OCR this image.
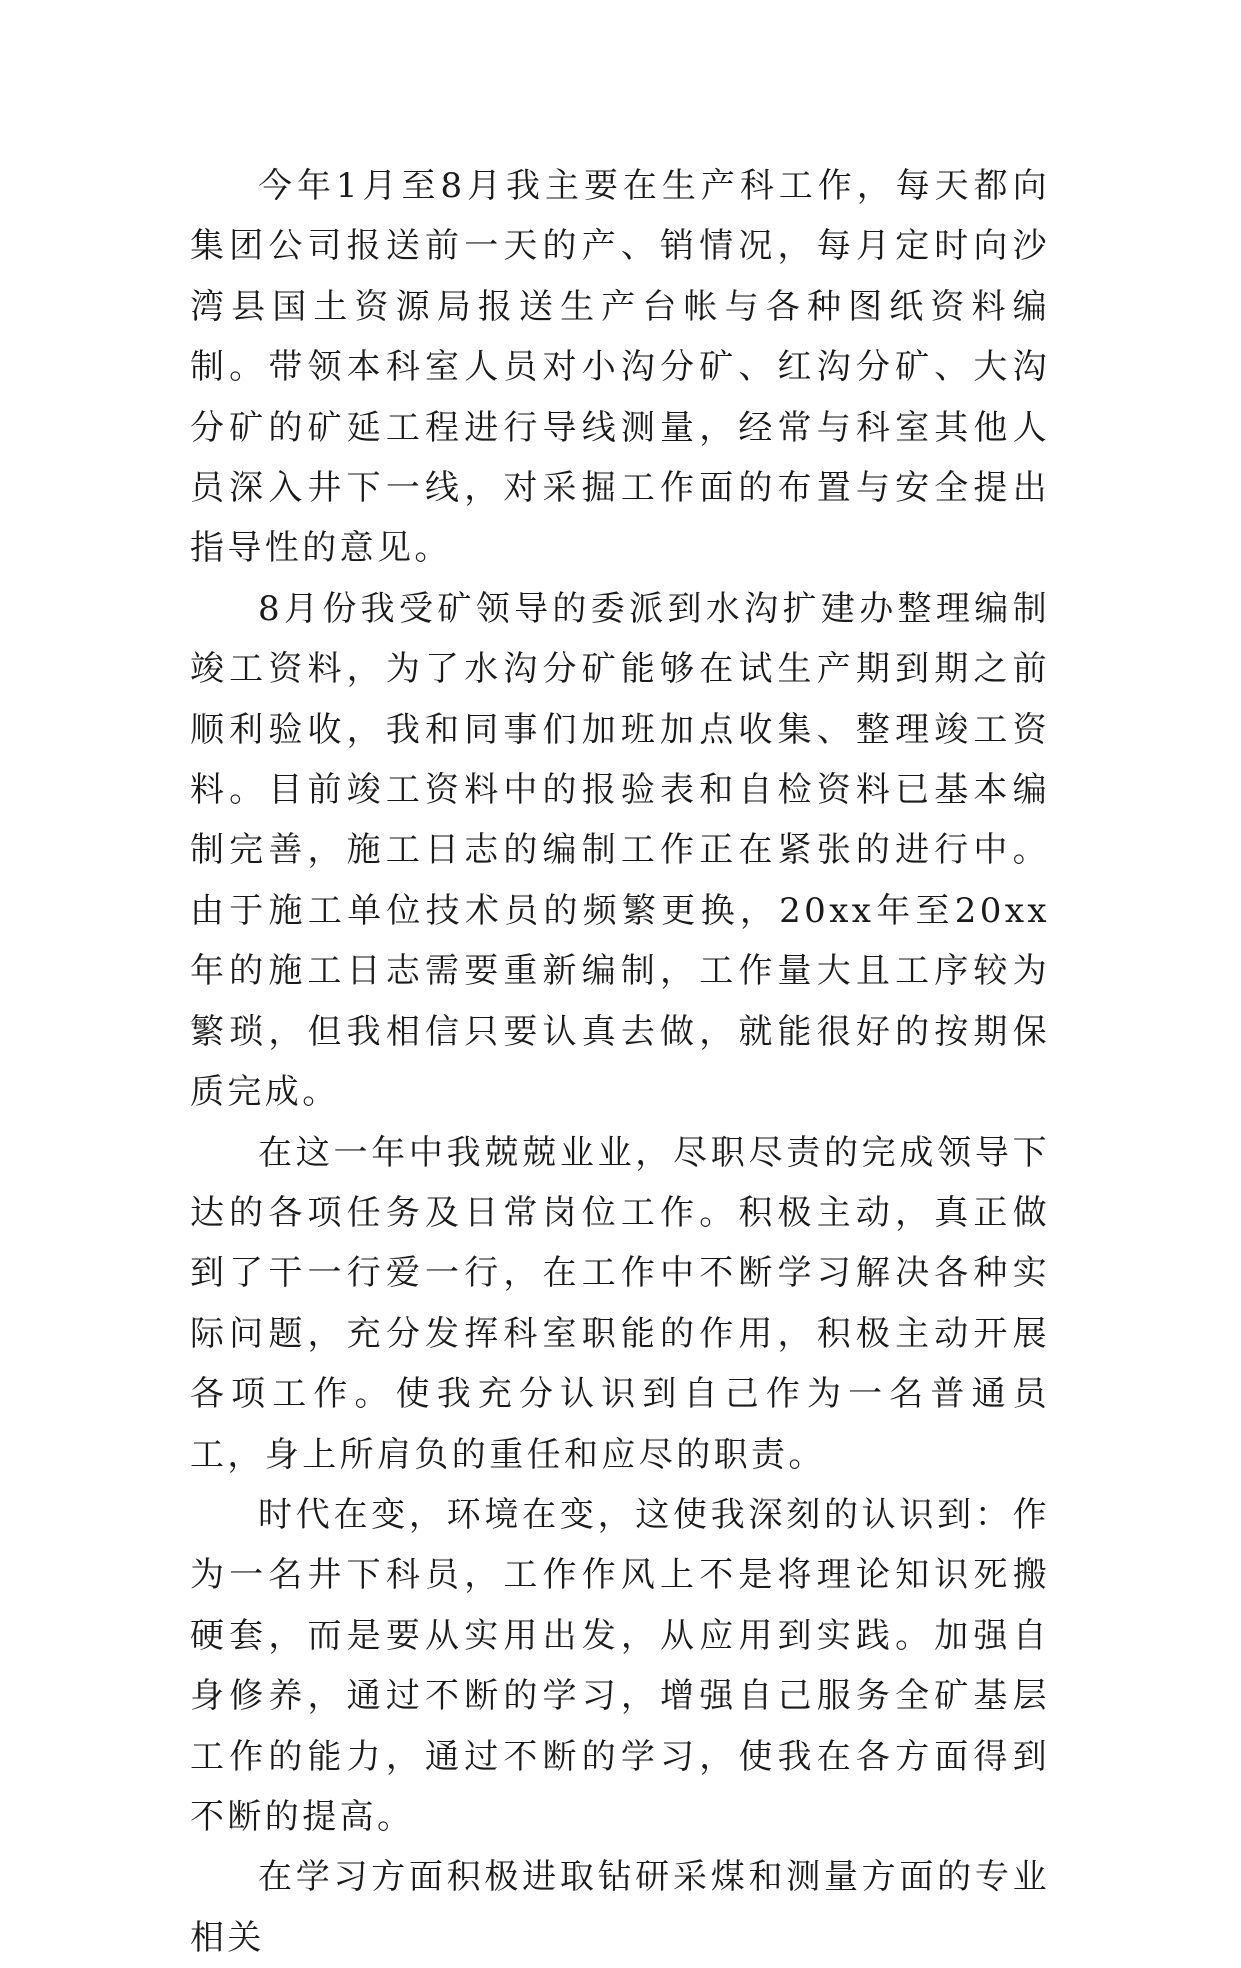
今年1月至8月我主要在生产科工作，每天都向集团公司报送前一天的产、销情况，每月定时向沙湾县国土资源局报送生产台帐与各种图纸资料编制。带领本科室人员对小沟分矿、红沟分矿、大沟分矿的矿延工程进行导线测量，经常与科室其他人员深入井下一线，对采掘工作面的布置与安全提出指导性的意见。

8月份我受矿领导的委派到水沟扩建办整理编制竣工资料，为了水沟分矿能够在试生产期到期之前顺利验收，我和同事们加班加点收集、整理竣工资料。目前竣工资料中的报验表和自检资料已基本编制完善，施工日志的编制工作正在紧张的进行中。由于施工单位技术员的频繁更换，20xx年至20xx年的施工日志需要重新编制，工作量大且工序较为繁琐，但我相信只要认真去做，就能很好的按期保质完成。

在这一年中我兢兢业业，尽职尽责的完成领导下达的各项任务及日常岗位工作。积极主动，真正做到了干一行爱一行，在工作中不断学习解决各种实际问题，充分发挥科室职能的作用，积极主动开展各项工作。使我充分认识到自己作为一名普通员工，身上所肩负的重任和应尽的职责。

时代在变，环境在变，这使我深刻的认识到：作为一名井下科员，工作作风上不是将理论知识死搬硬套，而是要从实用出发，从应用到实践。加强自身修养，通过不断的学习，增强自己服务全矿基层工作的能力，通过不断的学习，使我在各方面得到不断的提高。

在学习方面积极进取钻研采煤和测量方面的专业相关
